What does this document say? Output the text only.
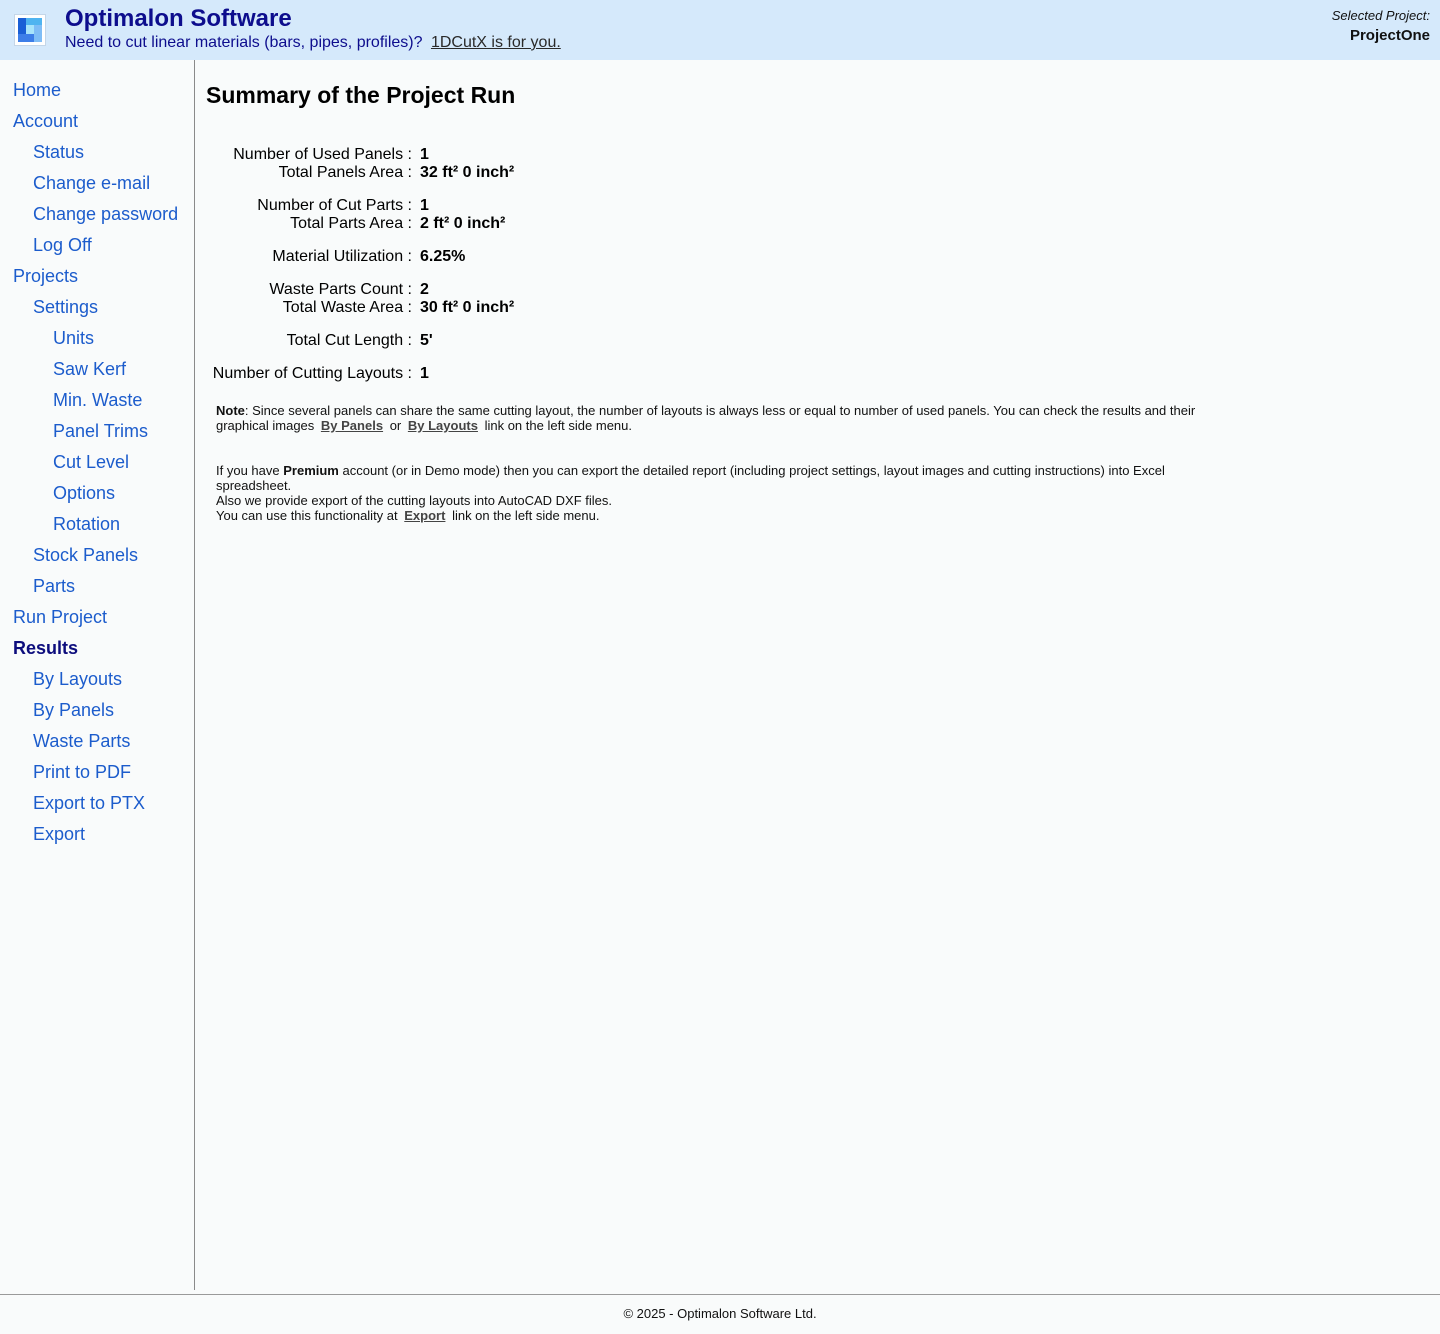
Optimalon Software
Need to cut linear materials (bars, pipes, profiles)? 1DCutX is for you.
Selected Project:
ProjectOne
Home
Account
Status
Change e-mail
Change password
Log Off
Projects
Settings
Units
Saw Kerf
Min. Waste
Panel Trims
Cut Level
Options
Rotation
Stock Panels
Parts
Run Project
Results
By Layouts
By Panels
Waste Parts
Print to PDF
Export to PTX
Export
Summary of the Project Run
Number of Used Panels : 1
Total Panels Area : 32 ft² 0 inch²
Number of Cut Parts : 1
Total Parts Area : 2 ft² 0 inch²
Material Utilization : 6.25%
Waste Parts Count : 2
Total Waste Area : 30 ft² 0 inch²
Total Cut Length : 5'
Number of Cutting Layouts : 1

Note: Since several panels can share the same cutting layout, the number of layouts is always less or equal to number of used panels. You can check the results and their graphical images By Panels or By Layouts link on the left side menu.

If you have Premium account (or in Demo mode) then you can export the detailed report (including project settings, layout images and cutting instructions) into Excel spreadsheet.
Also we provide export of the cutting layouts into AutoCAD DXF files.
You can use this functionality at Export link on the left side menu.
© 2025 - Optimalon Software Ltd.
